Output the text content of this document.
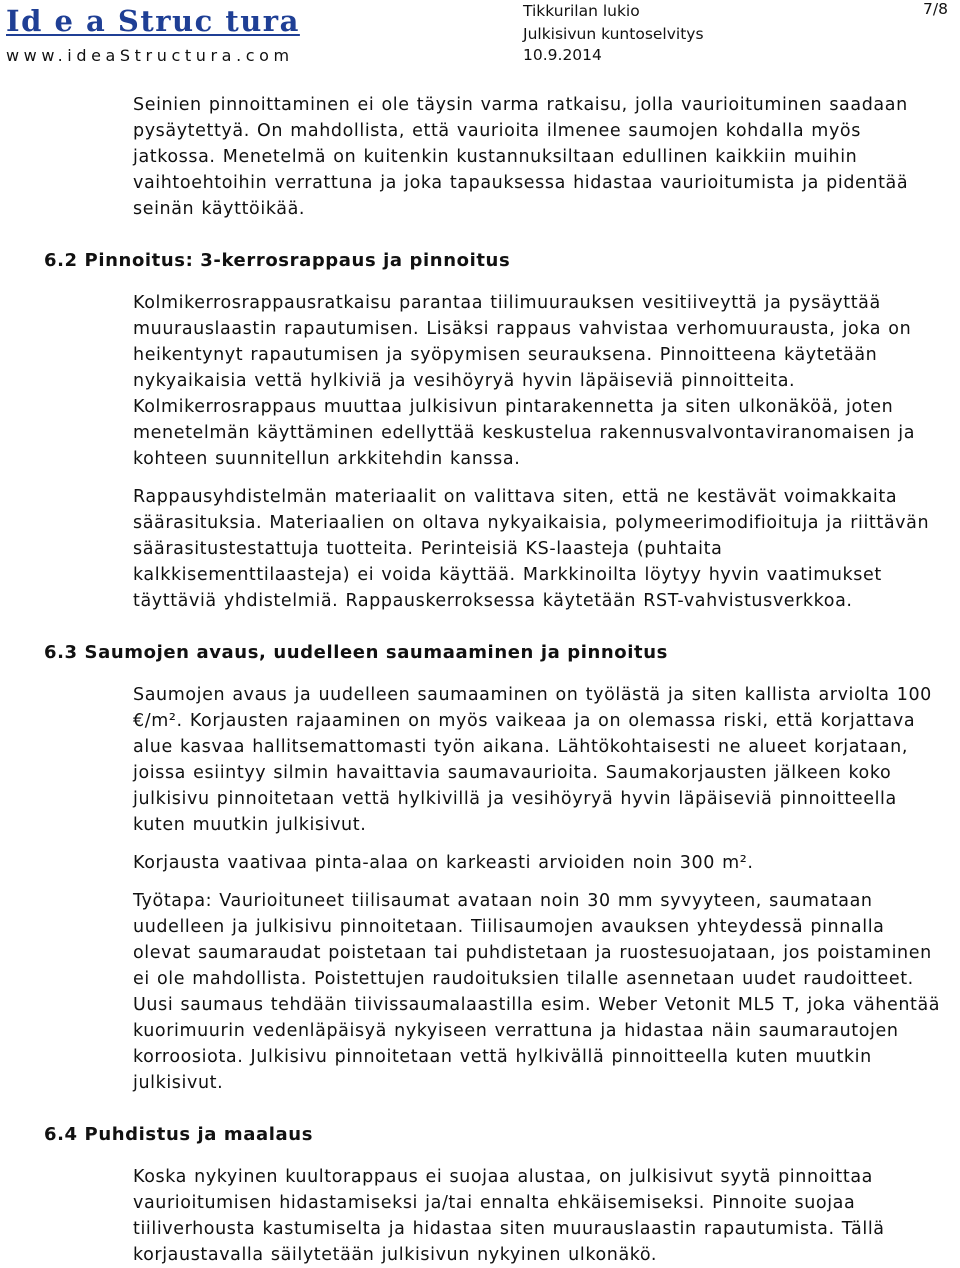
Id e a Struc tura
www.ideaStructura.com
Tikkurilan lukio
Julkisivun kuntoselvitys
10.9.2014
7/8

Seinien pinnoittaminen ei ole täysin varma ratkaisu, jolla vaurioituminen saadaan pysäytettyä. On mahdollista, että vaurioita ilmenee saumojen kohdalla myös jatkossa. Menetelmä on kuitenkin kustannuksiltaan edullinen kaikkiin muihin vaihtoehtoihin verrattuna ja joka tapauksessa hidastaa vaurioitumista ja pidentää seinän käyttöikää.

6.2 Pinnoitus: 3-kerrosrappaus ja pinnoitus

Kolmikerrosrappausratkaisu parantaa tiilimuurauksen vesitiiveyttä ja pysäyttää muurauslaastin rapautumisen. Lisäksi rappaus vahvistaa verhomuurausta, joka on heikentynyt rapautumisen ja syöpymisen seurauksena. Pinnoitteena käytetään nykyaikaisia vettä hylkiviä ja vesihöyryä hyvin läpäiseviä pinnoitteita. Kolmikerrosrappaus muuttaa julkisivun pintarakennetta ja siten ulkonäköä, joten menetelmän käyttäminen edellyttää keskustelua rakennusvalvontaviranomaisen ja kohteen suunnitellun arkkitehdin kanssa.

Rappausyhdistelmän materiaalit on valittava siten, että ne kestävät voimakkaita säärasituksia. Materiaalien on oltava nykyaikaisia, polymeerimodifioituja ja riittävän säärasitustestattuja tuotteita. Perinteisiä KS-laasteja (puhtaita kalkkisementtilaasteja) ei voida käyttää. Markkinoilta löytyy hyvin vaatimukset täyttäviä yhdistelmiä. Rappauskerroksessa käytetään RST-vahvistusverkkoa.

6.3 Saumojen avaus, uudelleen saumaaminen ja pinnoitus

Saumojen avaus ja uudelleen saumaaminen on työlästä ja siten kallista arviolta 100 €/m². Korjausten rajaaminen on myös vaikeaa ja on olemassa riski, että korjattava alue kasvaa hallitsemattomasti työn aikana. Lähtökohtaisesti ne alueet korjataan, joissa esiintyy silmin havaittavia saumavaurioita. Saumakorjausten jälkeen koko julkisivu pinnoitetaan vettä hylkivillä ja vesihöyryä hyvin läpäiseviä pinnoitteella kuten muutkin julkisivut.

Korjausta vaativaa pinta-alaa on karkeasti arvioiden noin 300 m².

Työtapa: Vaurioituneet tiilisaumat avataan noin 30 mm syvyyteen, saumataan uudelleen ja julkisivu pinnoitetaan. Tiilisaumojen avauksen yhteydessä pinnalla olevat saumaraudat poistetaan tai puhdistetaan ja ruostesuojataan, jos poistaminen ei ole mahdollista. Poistettujen raudoituksien tilalle asennetaan uudet raudoitteet. Uusi saumaus tehdään tiivissaumalaastilla esim. Weber Vetonit ML5 T, joka vähentää kuorimuurin vedenläpäisyä nykyiseen verrattuna ja hidastaa näin saumarautojen korroosiota. Julkisivu pinnoitetaan vettä hylkivällä pinnoitteella kuten muutkin julkisivut.

6.4 Puhdistus ja maalaus

Koska nykyinen kuultorappaus ei suojaa alustaa, on julkisivut syytä pinnoittaa vaurioitumisen hidastamiseksi ja/tai ennalta ehkäisemiseksi. Pinnoite suojaa tiiliverhousta kastumiselta ja hidastaa siten muurauslaastin rapautumista. Tällä korjaustavalla säilytetään julkisivun nykyinen ulkonäkö.
